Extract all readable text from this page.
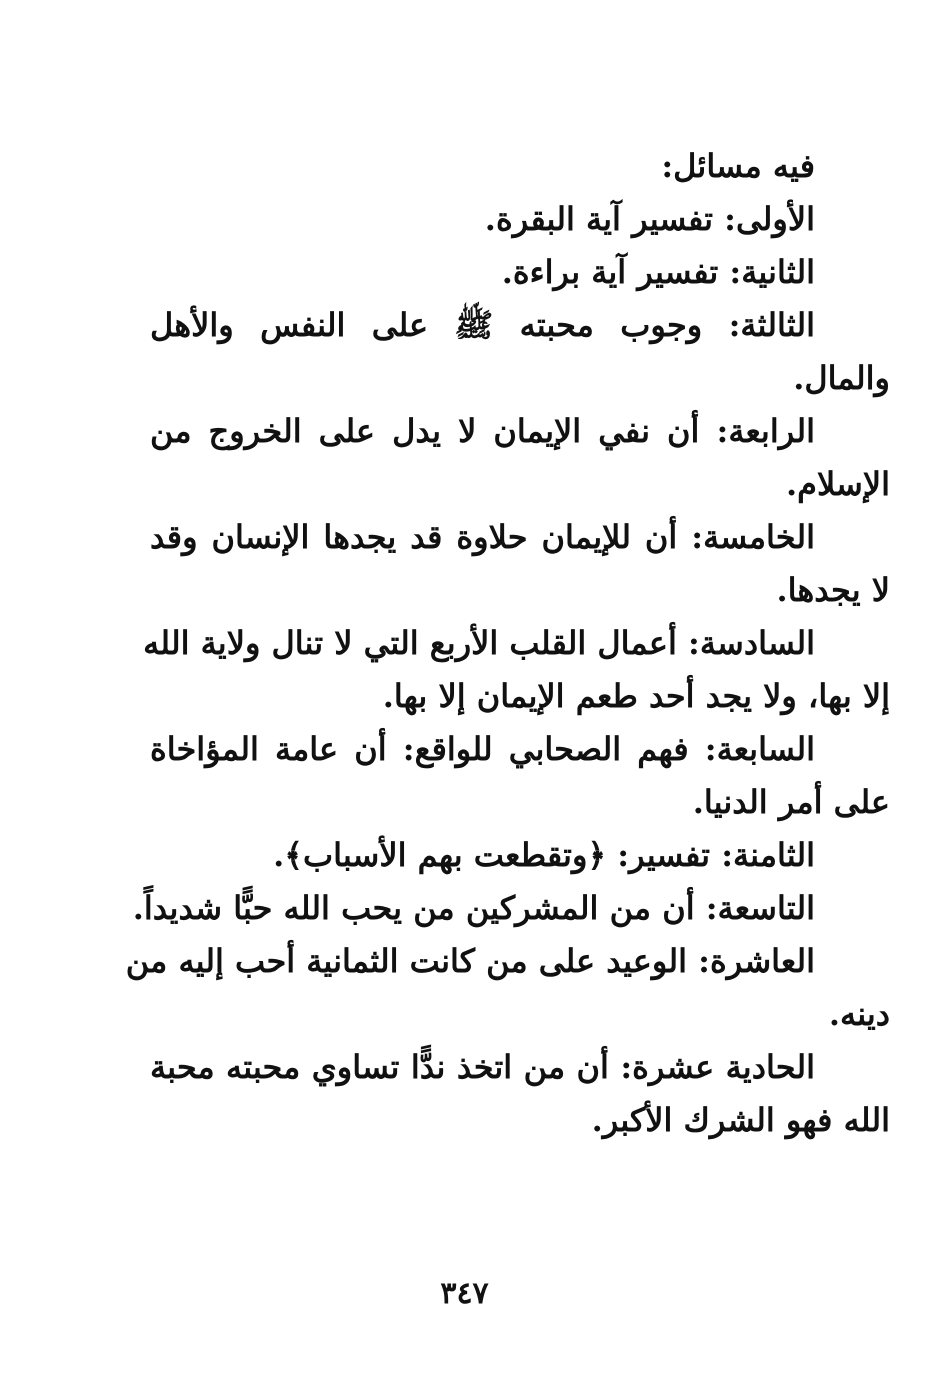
فيه مسائل:
الأولى: تفسير آية البقرة.
الثانية: تفسير آية براءة.
الثالثة: وجوب محبته ﷺ على النفس والأهل
والمال.
الرابعة: أن نفي الإيمان لا يدل على الخروج من
الإسلام.
الخامسة: أن للإيمان حلاوة قد يجدها الإنسان وقد
لا يجدها.
السادسة: أعمال القلب الأربع التي لا تنال ولاية الله
إلا بها، ولا يجد أحد طعم الإيمان إلا بها.
السابعة: فهم الصحابي للواقع: أن عامة المؤاخاة
على أمر الدنيا.
الثامنة: تفسير: ﴿وتقطعت بهم الأسباب﴾.
التاسعة: أن من المشركين من يحب الله حبًّا شديداً.
العاشرة: الوعيد على من كانت الثمانية أحب إليه من
دينه.
الحادية عشرة: أن من اتخذ ندًّا تساوي محبته محبة
الله فهو الشرك الأكبر.
٣٤٧
